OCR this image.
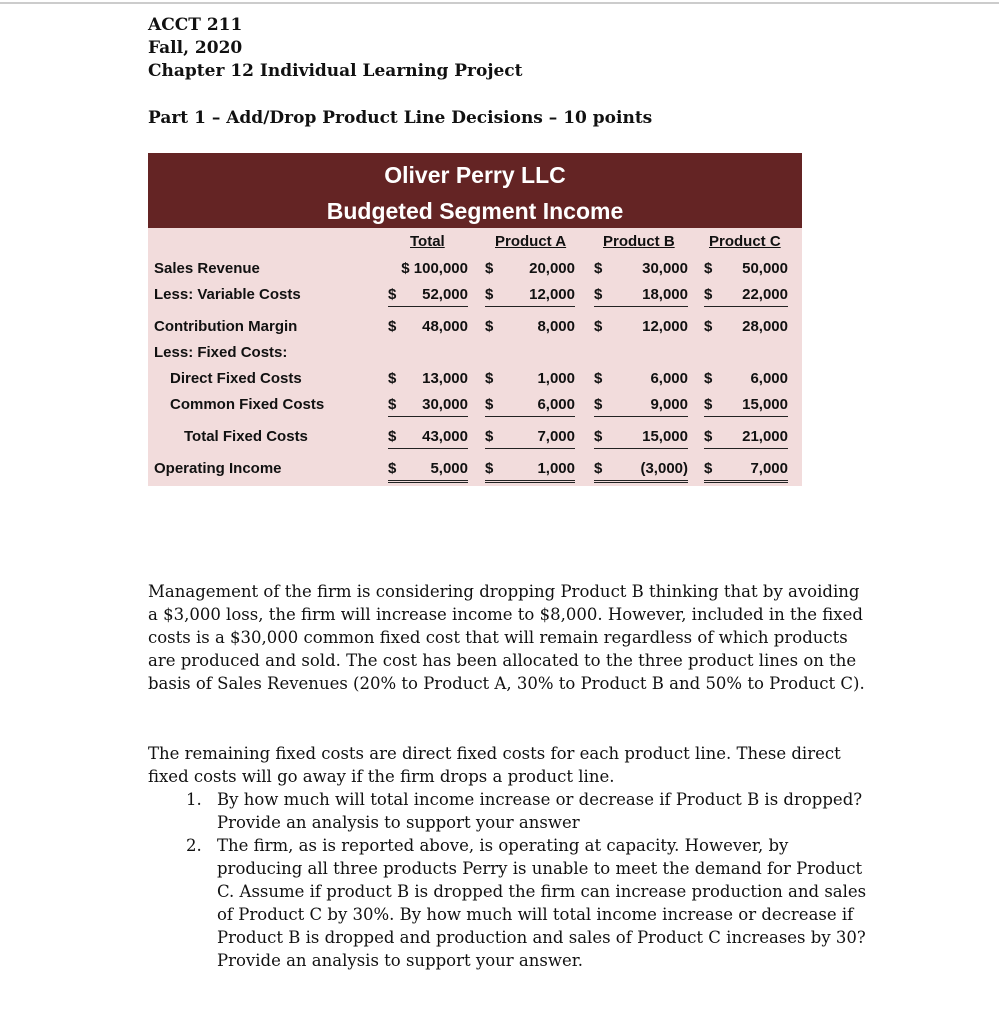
ACCT 211
Fall, 2020
Chapter 12 Individual Learning Project
Part 1 – Add/Drop Product Line Decisions – 10 points
Oliver Perry LLC
Budgeted Segment Income
Total	Product A Product B Product C
Sales Revenue	$ 100,000 $ 20,000 $	30,000 $ 50,000
Less: Variable Costs	$ 52,000 $ 12,000 $	18,000 $ 22,000
Contribution Margin	$ 48,000 $	8,000 $	12,000 $ 28,000
Less: Fixed Costs:
Direct Fixed Costs	$ 13,000 $	1,000 $	6,000 $	6,000
Common Fixed Costs	$ 30,000 $	6,000 $	9,000 $ 15,000
Total Fixed Costs	$ 43,000 $	7,000 $	15,000 $ 21,000
Operating Income	$ 5,000 $	1,000 $	(3,000) $	7,000
Management of the firm is considering dropping Product B thinking that by avoiding a $3,000 loss, the firm will increase income to $8,000. However, included in the fixed costs is a $30,000 common fixed cost that will remain regardless of which products are produced and sold. The cost has been allocated to the three product lines on the basis of Sales Revenues (20% to Product A, 30% to Product B and 50% to Product C).
The remaining fixed costs are direct fixed costs for each product line. These direct fixed costs will go away if the firm drops a product line.
1. By how much will total income increase or decrease if Product B is dropped? Provide an analysis to support your answer
2. The firm, as is reported above, is operating at capacity. However, by producing all three products Perry is unable to meet the demand for Product C. Assume if product B is dropped the firm can increase production and sales of Product C by 30%. By how much will total income increase or decrease if Product B is dropped and production and sales of Product C increases by 30? Provide an analysis to support your answer.
